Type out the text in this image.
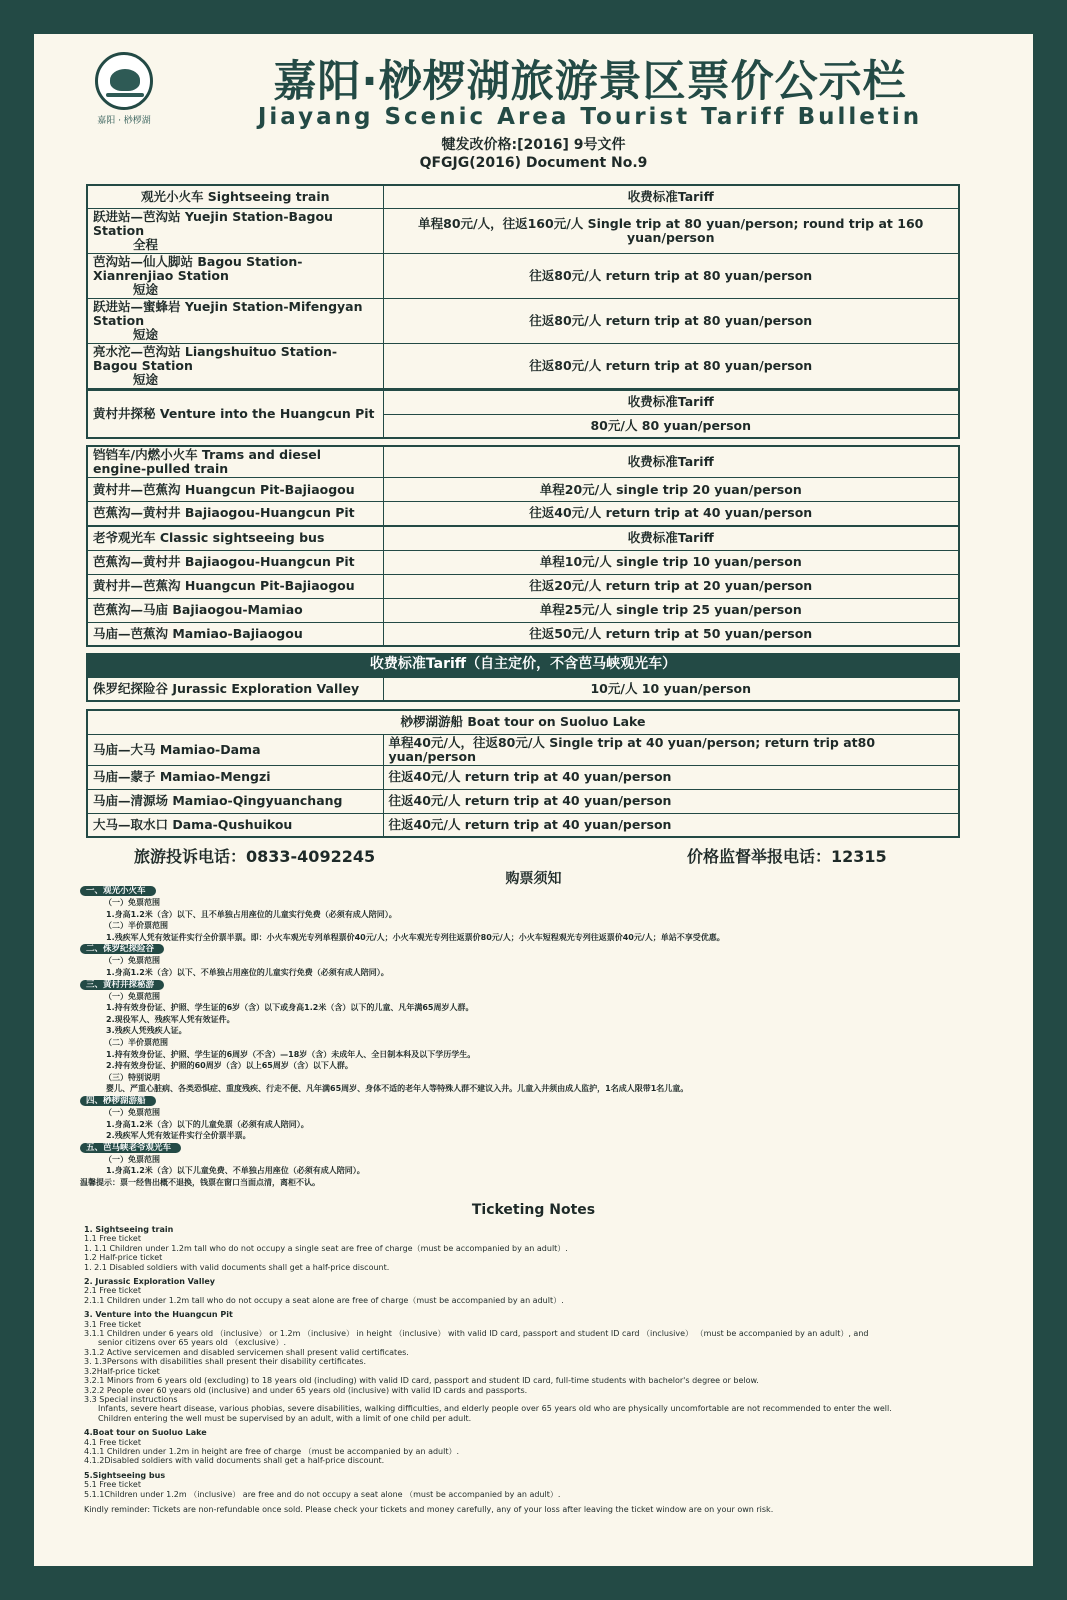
嘉阳 · 桫椤湖
嘉阳·桫椤湖旅游景区票价公示栏
Jiayang Scenic Area Tourist Tariff Bulletin
犍发改价格:[2016] 9号文件
QFGJG(2016) Document No.9
观光小火车 Sightseeing train	收费标准Tariff

跃进站—芭沟站 Yuejin Station-Bagou Station
全程	单程80元/人，往返160元/人 Single trip at 80 yuan/person; round trip at 160 yuan/person

芭沟站—仙人脚站 Bagou Station-Xianrenjiao Station
短途	往返80元/人 return trip at 80 yuan/person

跃进站—蜜蜂岩 Yuejin Station-Mifengyan Station
短途	往返80元/人 return trip at 80 yuan/person

亮水沱—芭沟站 Liangshuituo Station-Bagou Station
短途	往返80元/人 return trip at 80 yuan/person
黄村井探秘 Venture into the Huangcun Pit	收费标准Tariff
80元/人 80 yuan/person
铛铛车/内燃小火车 Trams and diesel engine-pulled train	收费标准Tariff
黄村井—芭蕉沟 Huangcun Pit-Bajiaogou	单程20元/人 single trip 20 yuan/person
芭蕉沟—黄村井 Bajiaogou-Huangcun Pit	往返40元/人 return trip at 40 yuan/person
老爷观光车 Classic sightseeing bus	收费标准Tariff
芭蕉沟—黄村井 Bajiaogou-Huangcun Pit	单程10元/人 single trip 10 yuan/person
黄村井—芭蕉沟 Huangcun Pit-Bajiaogou	往返20元/人 return trip at 20 yuan/person
芭蕉沟—马庙 Bajiaogou-Mamiao	单程25元/人 single trip 25 yuan/person
马庙—芭蕉沟 Mamiao-Bajiaogou	往返50元/人 return trip at 50 yuan/person
收费标准Tariff（自主定价，不含芭马峡观光车）
侏罗纪探险谷 Jurassic Exploration Valley	10元/人 10 yuan/person
桫椤湖游船 Boat tour on Suoluo Lake	
马庙—大马 Mamiao-Dama	单程40元/人，往返80元/人 Single trip at 40 yuan/person; return trip at80 yuan/person
马庙—蒙子 Mamiao-Mengzi	往返40元/人 return trip at 40 yuan/person
马庙—清源场 Mamiao-Qingyuanchang	往返40元/人 return trip at 40 yuan/person
大马—取水口 Dama-Qushuikou	往返40元/人 return trip at 40 yuan/person
旅游投诉电话：0833-4092245	价格监督举报电话：12315
购票须知
一、观光小火车
（一）免票范围
1.身高1.2米（含）以下、且不单独占用座位的儿童实行免费（必须有成人陪同）。
（二）半价票范围
1.残疾军人凭有效证件实行全价票半票。即：小火车观光专列单程票价40元/人；小火车观光专列往返票价80元/人；小火车短程观光专列往返票价40元/人；单站不享受优惠。
二、侏罗纪探险谷
（一）免票范围
1.身高1.2米（含）以下、不单独占用座位的儿童实行免费（必须有成人陪同）。
三、黄村井探秘游
（一）免票范围
1.持有效身份证、护照、学生证的6岁（含）以下或身高1.2米（含）以下的儿童、凡年满65周岁人群。
2.现役军人、残疾军人凭有效证件。
3.残疾人凭残疾人证。
（二）半价票范围
1.持有效身份证、护照、学生证的6周岁（不含）—18岁（含）未成年人、全日制本科及以下学历学生。
2.持有效身份证、护照的60周岁（含）以上65周岁（含）以下人群。
（三）特别说明
婴儿、严重心脏病、各类恐惧症、重度残疾、行走不便、凡年满65周岁、身体不适的老年人等特殊人群不建议入井。儿童入井须由成人监护，1名成人限带1名儿童。
四、桫椤湖游船
（一）免票范围
1.身高1.2米（含）以下的儿童免票（必须有成人陪同）。
2.残疾军人凭有效证件实行全价票半票。
五、芭马峡老爷观光车
（一）免票范围
1.身高1.2米（含）以下儿童免费、不单独占用座位（必须有成人陪同）。
温馨提示：票一经售出概不退换，钱票在窗口当面点清，离柜不认。
Ticketing Notes
1. Sightseeing train
1.1 Free ticket
1. 1.1 Children under 1.2m tall who do not occupy a single seat are free of charge（must be accompanied by an adult）.
1.2 Half-price ticket
1. 2.1 Disabled soldiers with valid documents shall get a half-price discount.
2. Jurassic Exploration Valley
2.1 Free ticket
2.1.1 Children under 1.2m tall who do not occupy a seat alone are free of charge（must be accompanied by an adult）.
3. Venture into the Huangcun Pit
3.1 Free ticket
3.1.1 Children under 6 years old （inclusive） or 1.2m （inclusive） in height （inclusive） with valid ID card, passport and student ID card （inclusive） （must be accompanied by an adult）, and
senior citizens over 65 years old （exclusive）.
3.1.2 Active servicemen and disabled servicemen shall present valid certificates.
3. 1.3Persons with disabilities shall present their disability certificates.
3.2Half-price ticket
3.2.1 Minors from 6 years old (excluding) to 18 years old (including) with valid ID card, passport and student ID card, full-time students with bachelor's degree or below.
3.2.2 People over 60 years old (inclusive) and under 65 years old (inclusive) with valid ID cards and passports.
3.3 Special instructions
Infants, severe heart disease, various phobias, severe disabilities, walking difficulties, and elderly people over 65 years old who are physically uncomfortable are not recommended to enter the well.
Children entering the well must be supervised by an adult, with a limit of one child per adult.
4.Boat tour on Suoluo Lake
4.1 Free ticket
4.1.1 Children under 1.2m in height are free of charge （must be accompanied by an adult）.
4.1.2Disabled soldiers with valid documents shall get a half-price discount.
5.Sightseeing bus
5.1 Free ticket
5.1.1Children under 1.2m （inclusive） are free and do not occupy a seat alone （must be accompanied by an adult）.
Kindly reminder: Tickets are non-refundable once sold. Please check your tickets and money carefully, any of your loss after leaving the ticket window are on your own risk.
